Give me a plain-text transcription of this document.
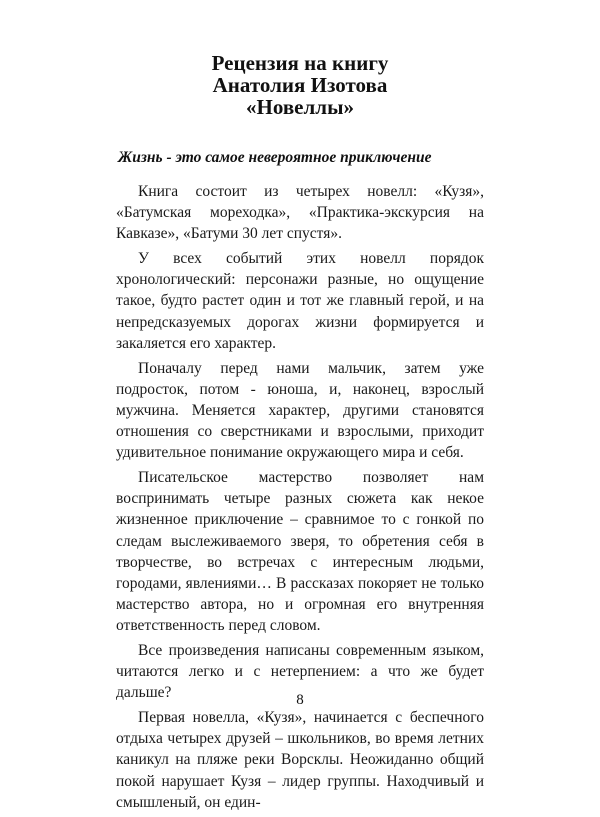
Рецензия на книгу
Анатолия Изотова
«Новеллы»
Жизнь - это самое невероятное приключение

Книга состоит из четырех новелл: «Кузя», «Батумская мореходка», «Практика-экскурсия на Кавказе», «Батуми 30 лет спустя».

У всех событий этих новелл порядок хронологический: персонажи разные, но ощущение такое, будто растет один и тот же главный герой, и на непредсказуемых дорогах жизни формируется и закаляется его характер.

Поначалу перед нами мальчик, затем уже подросток, потом - юноша, и, наконец, взрослый мужчина. Меняется характер, другими становятся отношения со сверстниками и взрослыми, приходит удивительное понимание окружающего мира и себя.

Писательское мастерство позволяет нам воспринимать четыре разных сюжета как некое жизненное приключение – сравнимое то с гонкой по следам выслеживаемого зверя, то обретения себя в творчестве, во встречах с интересным людьми, городами, явлениями… В рассказах покоряет не только мастерство автора, но и огромная его внутренняя ответственность перед словом.

Все произведения написаны современным языком, читаются легко и с нетерпением: а что же будет дальше?

Первая новелла, «Кузя», начинается с беспечного отдыха четырех друзей – школьников, во время летних каникул на пляже реки Ворсклы. Неожиданно общий покой нарушает Кузя – лидер группы. Находчивый и смышленый, он един-

8
